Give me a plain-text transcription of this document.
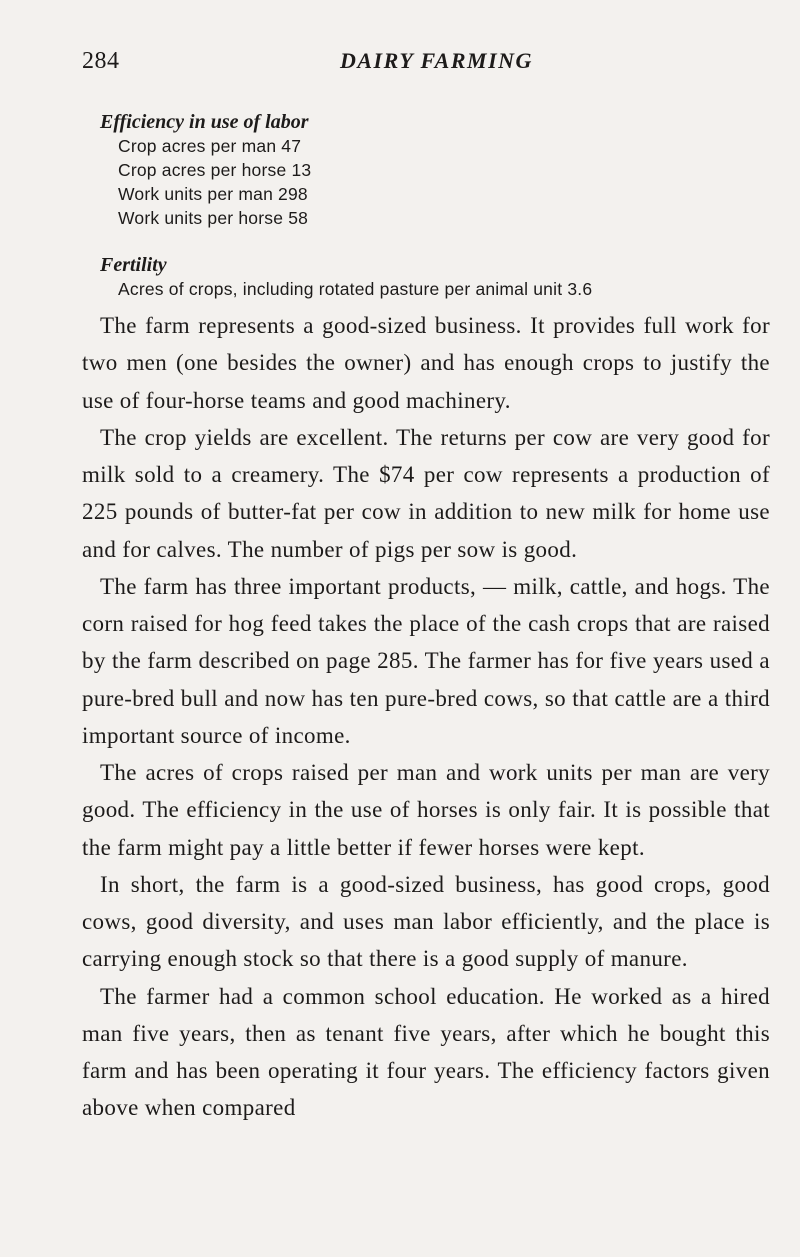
284	DAIRY FARMING

Efficiency in use of labor

Crop acres per man 47

Crop acres per horse 13

Work units per man 298

Work units per horse 58

Fertility

Acres of crops, including rotated pasture per animal unit 3.6

The farm represents a good-sized business. It provides full work for two men (one besides the owner) and has enough crops to justify the use of four-horse teams and good machinery.

The crop yields are excellent. The returns per cow are very good for milk sold to a creamery. The $74 per cow represents a production of 225 pounds of butter-fat per cow in addition to new milk for home use and for calves. The number of pigs per sow is good.

The farm has three important products, — milk, cattle, and hogs. The corn raised for hog feed takes the place of the cash crops that are raised by the farm described on page 285. The farmer has for five years used a pure-bred bull and now has ten pure-bred cows, so that cattle are a third important source of income.

The acres of crops raised per man and work units per man are very good. The efficiency in the use of horses is only fair. It is possible that the farm might pay a little better if fewer horses were kept.

In short, the farm is a good-sized business, has good crops, good cows, good diversity, and uses man labor efficiently, and the place is carrying enough stock so that there is a good supply of manure.

The farmer had a common school education. He worked as a hired man five years, then as tenant five years, after which he bought this farm and has been operating it four years. The efficiency factors given above when compared
